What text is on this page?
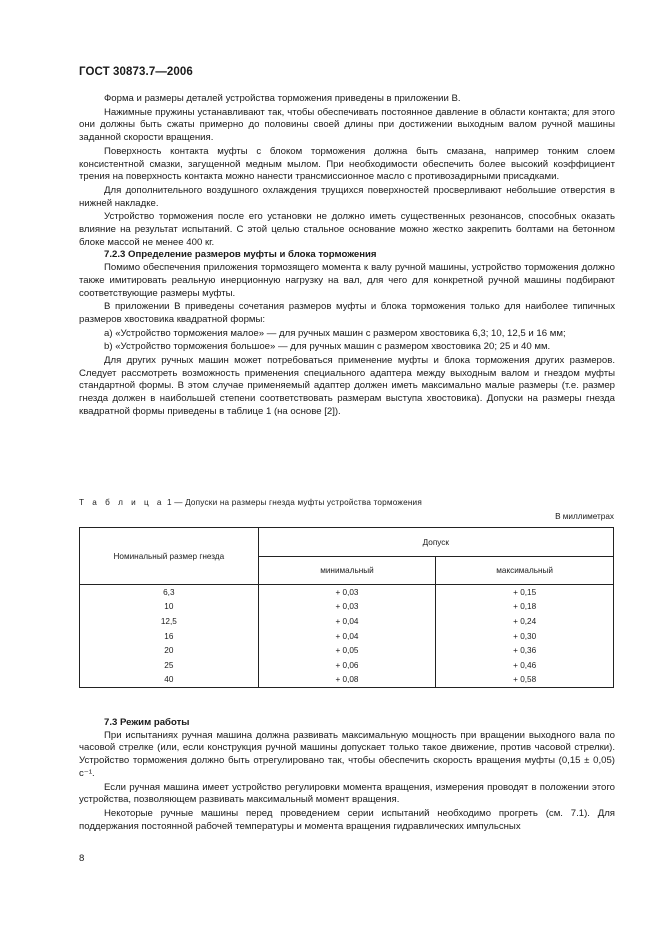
ГОСТ 30873.7—2006

Форма и размеры деталей устройства торможения приведены в приложении В.

Нажимные пружины устанавливают так, чтобы обеспечивать постоянное давление в области контакта; для этого они должны быть сжаты примерно до половины своей длины при достижении выходным валом ручной машины заданной скорости вращения.

Поверхность контакта муфты с блоком торможения должна быть смазана, например тонким слоем консистентной смазки, загущенной медным мылом. При необходимости обеспечить более высокий коэффициент трения на поверхность контакта можно нанести трансмиссионное масло с противозадирными присадками.

Для дополнительного воздушного охлаждения трущихся поверхностей просверливают небольшие отверстия в нижней накладке.

Устройство торможения после его установки не должно иметь существенных резонансов, способных оказать влияние на результат испытаний. С этой целью стальное основание можно жестко закрепить болтами на бетонном блоке массой не менее 400 кг.

7.2.3 Определение размеров муфты и блока торможения

Помимо обеспечения приложения тормозящего момента к валу ручной машины, устройство торможения должно также имитировать реальную инерционную нагрузку на вал, для чего для конкретной ручной машины подбирают соответствующие размеры муфты.

В приложении В приведены сочетания размеров муфты и блока торможения только для наиболее типичных размеров хвостовика квадратной формы:

а) «Устройство торможения малое» — для ручных машин с размером хвостовика 6,3; 10, 12,5 и 16 мм;

b) «Устройство торможения большое» — для ручных машин с размером хвостовика 20; 25 и 40 мм.

Для других ручных машин может потребоваться применение муфты и блока торможения других размеров. Следует рассмотреть возможность применения специального адаптера между выходным валом и гнездом муфты стандартной формы. В этом случае применяемый адаптер должен иметь максимально малые размеры (т.е. размер гнезда должен в наибольшей степени соответствовать размерам выступа хвостовика). Допуски на размеры гнезда квадратной формы приведены в таблице 1 (на основе [2]).

Т а б л и ц а 1 — Допуски на размеры гнезда муфты устройства торможения
В миллиметрах
Номинальный размер гнезда	Допуск	
	минимальный	максимальный
6,3	+ 0,03	+ 0,15
10	+ 0,03	+ 0,18
12,5	+ 0,04	+ 0,24
16	+ 0,04	+ 0,30
20	+ 0,05	+ 0,36
25	+ 0,06	+ 0,46
40	+ 0,08	+ 0,58

7.3 Режим работы

При испытаниях ручная машина должна развивать максимальную мощность при вращении выходного вала по часовой стрелке (или, если конструкция ручной машины допускает только такое движение, против часовой стрелки). Устройство торможения должно быть отрегулировано так, чтобы обеспечить скорость вращения муфты (0,15 ± 0,05) с⁻¹.

Если ручная машина имеет устройство регулировки момента вращения, измерения проводят в положении этого устройства, позволяющем развивать максимальный момент вращения.

Некоторые ручные машины перед проведением серии испытаний необходимо прогреть (см. 7.1). Для поддержания постоянной рабочей температуры и момента вращения гидравлических импульсных

8
